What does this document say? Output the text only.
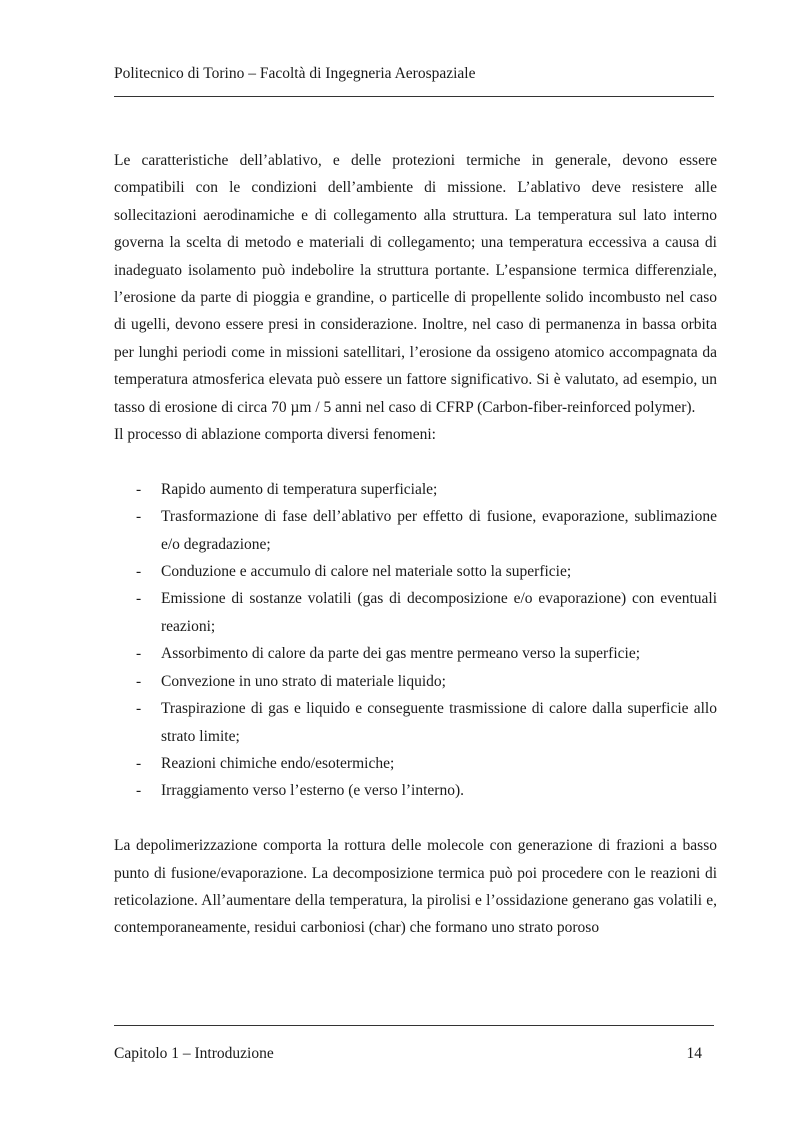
Politecnico di Torino – Facoltà di Ingegneria Aerospaziale

Le caratteristiche dell’ablativo, e delle protezioni termiche in generale, devono essere compatibili con le condizioni dell’ambiente di missione. L’ablativo deve resistere alle sollecitazioni aerodinamiche e di collegamento alla struttura. La temperatura sul lato interno governa la scelta di metodo e materiali di collegamento; una temperatura eccessiva a causa di inadeguato isolamento può indebolire la struttura portante. L’espansione termica differenziale, l’erosione da parte di pioggia e grandine, o particelle di propellente solido incombusto nel caso di ugelli, devono essere presi in considerazione. Inoltre, nel caso di permanenza in bassa orbita per lunghi periodi come in missioni satellitari, l’erosione da ossigeno atomico accompagnata da temperatura atmosferica elevata può essere un fattore significativo. Si è valutato, ad esempio, un tasso di erosione di circa 70 µm / 5 anni nel caso di CFRP (Carbon-fiber-reinforced polymer).

Il processo di ablazione comporta diversi fenomeni:

- Rapido aumento di temperatura superficiale;
- Trasformazione di fase dell’ablativo per effetto di fusione, evaporazione, sublimazione e/o degradazione;
- Conduzione e accumulo di calore nel materiale sotto la superficie;
- Emissione di sostanze volatili (gas di decomposizione e/o evaporazione) con eventuali reazioni;
- Assorbimento di calore da parte dei gas mentre permeano verso la superficie;
- Convezione in uno strato di materiale liquido;
- Traspirazione di gas e liquido e conseguente trasmissione di calore dalla superficie allo strato limite;
- Reazioni chimiche endo/esotermiche;
- Irraggiamento verso l’esterno (e verso l’interno).

La depolimerizzazione comporta la rottura delle molecole con generazione di frazioni a basso punto di fusione/evaporazione. La decomposizione termica può poi procedere con le reazioni di reticolazione. All’aumentare della temperatura, la pirolisi e l’ossidazione generano gas volatili e, contemporaneamente, residui carboniosi (char) che formano uno strato poroso

Capitolo 1 – Introduzione	14
